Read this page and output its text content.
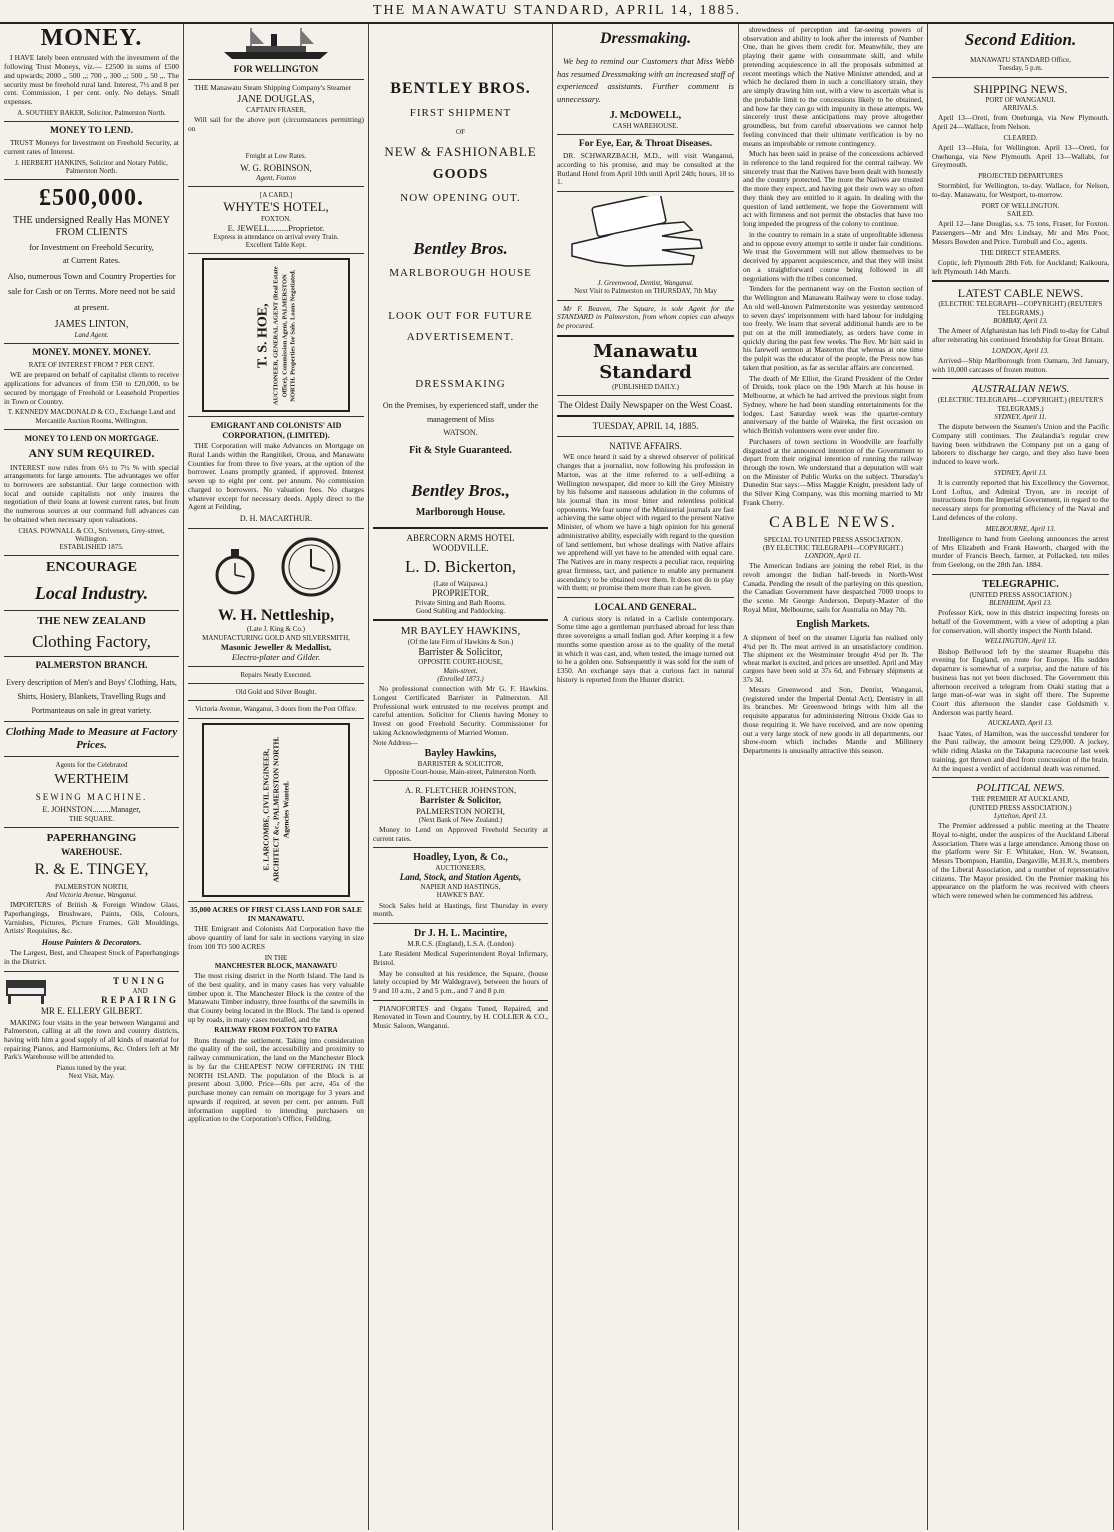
THE MANAWATU STANDARD, APRIL 14, 1885.
MONEY.

I HAVE lately been entrusted with the investment of the following Trust Moneys, viz.— £2500 in sums of £500 and upwards; 2000 ,, 500 ,,; 700 ,, 300 ,,; 500 ,, 50 ,,. The security must be freehold rural land. Interest, 7½ and 8 per cent. Commission, 1 per cent. only. No delays. Small expenses.

A. SOUTHEY BAKER, Solicitor, Palmerston North.
MONEY TO LEND.

TRUST Moneys for Investment on Freehold Security, at current rates of Interest.

J. HERBERT HANKINS, Solicitor and Notary Public, Palmerston North.
£500,000.
THE undersigned Really Has MONEY FROM CLIENTS
for Investment on Freehold Security,
at Current Rates.
Also, numerous Town and Country Properties for sale for Cash or on Terms. More need not be said at present.
JAMES LINTON,
Land Agent.
MONEY. MONEY. MONEY.
RATE OF INTEREST FROM 7 PER CENT.

WE are prepared on behalf of capitalist clients to receive applications for advances of from £50 to £20,000, to be secured by mortgage of Freehold or Leasehold Properties in Town or Country.

T. KENNEDY MACDONALD & CO., Exchange Land and Mercantile Auction Rooms, Wellington.
MONEY TO LEND ON MORTGAGE.
ANY SUM REQUIRED.

INTEREST now rules from 6½ to 7½ % with special arrangements for large amounts. The advantages we offer to borrowers are substantial. Our large connection with local and outside capitalists not only insures the negotiation of their loans at lowest current rates, but from the numerous sources at our command full advances can be obtained when necessary upon valuations.

CHAS. POWNALL & CO., Scriveners, Grey-street, Wellington.
ESTABLISHED 1875.
ENCOURAGE
Local Industry.
THE NEW ZEALAND
Clothing Factory,
PALMERSTON BRANCH.
Every description of Men's and Boys' Clothing, Hats, Shirts, Hosiery, Blankets, Travelling Rugs and Portmanteaus on sale in great variety.
Clothing Made to Measure at Factory Prices.
Agents for the Celebrated
WERTHEIM
SEWING MACHINE.
E. JOHNSTON.........Manager,
THE SQUARE.
PAPERHANGING
WAREHOUSE.
R. & E. TINGEY,
PALMERSTON NORTH,
And Victoria Avenue, Wanganui.

IMPORTERS of British & Foreign Window Glass, Paperhangings, Brushware, Paints, Oils, Colours, Varnishes, Pictures, Picture Frames, Gilt Mouldings, Artists' Requisites, &c.

House Painters & Decorators.

The Largest, Best, and Cheapest Stock of Paperhangings in the District.

TUNING
AND
REPAIRING
MR E. ELLERY GILBERT.

MAKING four visits in the year between Wanganui and Palmerston, calling at all the town and country districts, having with him a good supply of all kinds of material for repairing Pianos, and Harmoniums, &c. Orders left at Mr Park's Warehouse will be attended to.

Pianos tuned by the year.
Next Visit, May.
FOR WELLINGTON

THE Manawatu Steam Shipping Company's Steamer

JANE DOUGLAS,
CAPTAIN FRASER,

Will sail for the above port (circumstances permitting) on

Freight at Low Rates.
W. G. ROBINSON,
Agent, Foxton
[A CARD.]
WHYTE'S HOTEL,
FOXTON.
E. JEWELL.........Proprietor.
Express in attendance on arrival every Train.
Excellent Table Kept.
T. S. HOE, AUCTIONEER, GENERAL AGENT (Real Estate Office), Commission Agent, PALMERSTON NORTH. Properties for Sale. Loans Negotiated.
EMIGRANT AND COLONISTS' AID CORPORATION, (LIMITED).

THE Corporation will make Advances on Mortgage on Rural Lands within the Rangitikei, Oroua, and Manawatu Counties for from three to five years, at the option of the borrower. Loans promptly granted, if approved. Interest seven up to eight per cent. per annum. No commission charged to borrowers. No valuation fees. No charges whatever except for necessary deeds. Apply direct to the Agent at Feilding,

D. H. MACARTHUR.
W. H. Nettleship,
(Late J. King & Co.)
MANUFACTURING GOLD AND SILVERSMITH,
Masonic Jeweller & Medallist,
Electro-plater and Gilder.
Repairs Neatly Executed.
Old Gold and Silver Bought.
Victoria Avenue, Wanganui, 3 doors from the Post Office.
E. LARCOMBE, CIVIL ENGINEER, ARCHITECT &c., PALMERSTON NORTH. Agencies Wanted.
35,000 ACRES OF FIRST CLASS LAND FOR SALE IN MANAWATU.

THE Emigrant and Colonists Aid Corporation have the above quantity of land for sale in sections varying in size from 100 TO 500 ACRES

IN THE
MANCHESTER BLOCK, MANAWATU

The most rising district in the North Island. The land is of the best quality, and in many cases has very valuable timber upon it. The Manchester Block is the centre of the Manawatu Timber industry, three fourths of the sawmills in that County being located in the Block. The land is opened up by roads, in many cases metalled, and the

RAILWAY FROM FOXTON TO FATRA

Runs through the settlement. Taking into consideration the quality of the soil, the accessibility and proximity to railway communication, the land on the Manchester Block is by far the CHEAPEST NOW OFFERING IN THE NORTH ISLAND. The population of the Block is at present about 3,000. Price—60s per acre, 45s of the purchase money can remain on mortgage for 3 years and upwards if required, at seven per cent. per annum. Full information supplied to intending purchasers on application to the Corporation's Office, Feilding.

BENTLEY BROS.
FIRST SHIPMENT
OF
NEW & FASHIONABLE
GOODS
NOW OPENING OUT.
Bentley Bros.
MARLBOROUGH HOUSE
LOOK OUT FOR FUTURE
ADVERTISEMENT.
DRESSMAKING
On the Premises, by experienced staff, under the management of Miss
WATSON.
Fit & Style Guaranteed.
Bentley Bros.,
Marlborough House.
ABERCORN ARMS HOTEL
WOODVILLE.
L. D. Bickerton,
(Late of Waipawa.)
PROPRIETOR.
Private Sitting and Bath Rooms.
Good Stabling and Paddocking.
MR BAYLEY HAWKINS,
(Of the late Firm of Hawkins & Son.)
Barrister & Solicitor,
OPPOSITE COURT-HOUSE,
Main-street,
(Enrolled 1873.)

No professional connection with Mr G. F. Hawkins. Longest Certificated Barrister in Palmerston. All Professional work entrusted to me receives prompt and careful attention. Solicitor for Clients having Money to Invest on good Freehold Security. Commissioner for taking Acknowledgments of Married Women.

Note Address—
Bayley Hawkins,
BARRISTER & SOLICITOR,
Opposite Court-house, Main-street, Palmerston North.
A. R. FLETCHER JOHNSTON,
Barrister & Solicitor,
PALMERSTON NORTH,
(Next Bank of New Zealand.)

Money to Lend on Approved Freehold Security at current rates.

Hoadley, Lyon, & Co.,
AUCTIONEERS,
Land, Stock, and Station Agents,
NAPIER AND HASTINGS,
HAWKE'S BAY.

Stock Sales held at Hastings, first Thursday in every month.

Dr J. H. L. Macintire,
M.R.C.S. (England), L.S.A. (London)

Late Resident Medical Superintendent Royal Infirmary, Bristol.

May be consulted at his residence, the Square, (house lately occupied by Mr Waldegrave), between the hours of 9 and 10 a.m., 2 and 5 p.m., and 7 and 8 p.m

PIANOFORTES and Organs Tuned, Repaired, and Renovated in Town and Country, by H. COLLIER & CO., Music Saloon, Wanganui.

Dressmaking.

We beg to remind our Customers that Miss Webb has resumed Dressmaking with an increased staff of experienced assistants. Further comment is unnecessary.

J. McDOWELL,
CASH WAREHOUSE.
For Eye, Ear, & Throat Diseases.

DR. SCHWARZBACH, M.D., will visit Wanganui, according to his promise, and may be consulted at the Rutland Hotel from April 10th until April 24th; hours, 10 to 1.

J. Greenwood, Dentist, Wanganui.
Next Visit to Palmerston on THURSDAY, 7th May

Mr F. Beaven, The Square, is sole Agent for the STANDARD in Palmerston, from whom copies can always be procured.

Manawatu Standard
(PUBLISHED DAILY.)
The Oldest Daily Newspaper on the West Coast.
TUESDAY, APRIL 14, 1885.
NATIVE AFFAIRS.

WE once heard it said by a shrewd observer of political changes that a journalist, now following his profession in Marton, was at the time referred to a self-editing a Wellington newspaper, did more to kill the Grey Ministry by his fulsome and nauseous adulation in the columns of his journal than its most bitter and relentless political opponents. We fear some of the Ministerial journals are fast achieving the same object with regard to the present Native Minister, of whom we have a high opinion for his general administrative ability, especially with regard to the question of land settlement, but whose dealings with Native affairs we apprehend will yet have to be attended with equal care. The Natives are in many respects a peculiar race, requiring great firmness, tact, and patience to enable any permanent ascendancy to be obtained over them. It does not do to play with them; or promise them more than can be given.

LOCAL AND GENERAL.

A curious story is related in a Carlisle contemporary. Some time ago a gentleman purchased abroad for less than three sovereigns a small Indian god. After keeping it a few months some question arose as to the quality of the metal in which it was cast, and, when tested, the image turned out to be a golden one. Subsequently it was sold for the sum of £350. An exchange says that a curious fact in natural history is reported from the Hunter district.

shrewdness of perception and far-seeing powers of observation and ability to look after the interests of Number One, than he gives them credit for. Meanwhile, they are playing their game with consummate skill, and while pretending acquiescence in all the proposals submitted at recent meetings which the Native Minister attended, and at which he declared them in such a conciliatory strain, they are simply drawing him out, with a view to ascertain what is the probable limit to the concessions likely to be obtained, and how far they can go with impunity in these attempts. We sincerely trust these anticipations may prove altogether groundless, but from careful observations we cannot help feeling convinced that their ultimate verification is by no means an improbable or remote contingency.

Much has been said in praise of the concessions achieved in reference to the land required for the central railway. We sincerely trust that the Natives have been dealt with honestly and the country protected. The more the Natives are trusted the more they expect, and having got their own way so often they think they are entitled to it again. In dealing with the question of land settlement, we hope the Government will act with firmness and not permit the obstacles that have too long impeded the progress of the colony to continue.

in the country to remain in a state of unprofitable idleness and to oppose every attempt to settle it under fair conditions. We trust the Government will not allow themselves to be deceived by apparent acquiescence, and that they will insist on a straightforward course being followed in all negotiations with the tribes concerned.

Tenders for the permanent way on the Foxton section of the Wellington and Manawatu Railway were to close today. An old well-known Palmerstonite was yesterday sentenced to seven days' imprisonment with hard labour for indulging too freely. We learn that several additional hands are to be put on at the mill immediately, as orders have come in quickly during the past few weeks. The Rev. Mr Isitt said in his farewell sermon at Masterton that whereas at one time the pulpit was the educator of the people, the Press now has taken that position, as far as secular affairs are concerned.

The death of Mr Elliot, the Grand President of the Order of Druids, took place on the 19th March at his house in Melbourne, at which he had arrived the previous night from Sydney, where he had been standing entertainments for the lodges. Last Saturday week was the quarter-century anniversary of the battle of Waireka, the first occasion on which British volunteers were ever under fire.

Purchasers of town sections in Woodville are fearfully disgusted at the announced intention of the Government to depart from their original intention of running the railway through the town. We understand that a deputation will wait on the Minister of Public Works on the subject. Thursday's Dunedin Star says:—Miss Maggie Knight, president lady of the Silver King Company, was this morning married to Mr Frank Cherry.

CABLE NEWS.
SPECIAL TO UNITED PRESS ASSOCIATION.
(BY ELECTRIC TELEGRAPH—COPYRIGHT.)
LONDON, April 11.

The American Indians are joining the rebel Riel, in the revolt amongst the Indian half-breeds in North-West Canada. Pending the result of the parleying on this question, the Canadian Government have despatched 7000 troops to the scene. Mr George Anderson, Deputy-Master of the Royal Mint, Melbourne, sails for Australia on May 7th.

English Markets.
A shipment of beef on the steamer Liguria has realised only 4¾d per lb. The meat arrived in an unsatisfactory condition. The shipment ex the Westminster brought 4½d per lb. The wheat market is excited, and prices are unsettled. April and May cargoes have been sold at 37s 6d, and February shipments at 37s 3d.

Messrs Greenwood and Son, Dentist, Wanganui, (registered under the Imperial Dental Act), Dentistry in all its branches. Mr Greenwood brings with him all the requisite apparatus for administering Nitrous Oxide Gas to those requiring it. We have received, and are now opening out a very large stock of new goods in all departments, our show-room which includes Mantle and Millinery Departments is unusually attractive this season.

Second Edition.
MANAWATU STANDARD Office,
Tuesday, 5 p.m.
SHIPPING NEWS.
PORT OF WANGANUI.
ARRIVALS.

April 13—Oreti, from Onehunga, via New Plymouth. April 24—Wallace, from Nelson.

CLEARED.

April 13—Huia, for Wellington. April 13—Oreti, for Onehunga, via New Plymouth. April 13—Wallabi, for Greymouth.

PROJECTED DEPARTURES

Stormbird, for Wellington, to-day. Wallace, for Nelson, to-day. Manawatu, for Westport, to-morrow.

PORT OF WELLINGTON.
SAILED.

April 12—Jane Douglas, s.s. 75 tons, Fraser, for Foxton. Passengers—Mr and Mrs Lindsay, Mr and Mrs Poor, Messrs Bowden and Price. Turnbull and Co., agents.

THE DIRECT STEAMERS.

Coptic, left Plymouth 28th Feb. for Auckland; Kaikoura, left Plymouth 14th March.

LATEST CABLE NEWS.
(ELECTRIC TELEGRAPH—COPYRIGHT) (REUTER'S TELEGRAMS.)
BOMBAY, April 13.

The Ameer of Afghanistan has left Pindi to-day for Cabul after reiterating his continued friendship for Great Britain.

LONDON, April 13.

Arrived—Ship Marlborough from Oamaru, 3rd January, with 10,000 carcases of frozen mutton.

AUSTRALIAN NEWS.
(ELECTRIC TELEGRAPH—COPYRIGHT.) (REUTER'S TELEGRAMS.)
SYDNEY, April 11.

The dispute between the Seamen's Union and the Pacific Company still continues. The Zealandia's regular crew having been withdrawn the Company put on a gang of laborers to discharge her cargo, and they also have been induced to leave work.

SYDNEY, April 13.

It is currently reported that his Excellency the Governor, Lord Loftus, and Admiral Tryon, are in receipt of instructions from the Imperial Government, in regard to the necessary steps for promoting efficiency of the Naval and Land defences of the colony.

MELBOURNE, April 13.

Intelligence to hand from Geelong announces the arrest of Mrs Elizabeth and Frank Haworth, charged with the murder of Francis Beech, farmer, at Pollacked, ten miles from Geelong, on the 28th Jan. 1884.

TELEGRAPHIC.
(UNITED PRESS ASSOCIATION.)
BLENHEIM, April 13.

Professor Kirk, now in this district inspecting forests on behalf of the Government, with a view of adopting a plan for conservation, will shortly inspect the North Island.

WELLINGTON, April 13.

Bishop Bellwood left by the steamer Ruapehu this evening for England, en route for Europe. His sudden departure is somewhat of a surprise, and the nature of his business has not yet been disclosed. The Government this afternoon received a telegram from Otaki stating that a large man-of-war was in sight off there. The Supreme Court this afternoon the slander case Goldsmith v. Anderson was partly heard.

AUCKLAND, April 13.

Isaac Yates, of Hamilton, was the successful tenderer for the Puni railway, the amount being £29,000. A jockey, while riding Alaska on the Takapuna racecourse last week training, got thrown and died from concussion of the brain. At the inquest a verdict of accidental death was returned.

POLITICAL NEWS.
THE PREMIER AT AUCKLAND,
(UNITED PRESS ASSOCIATION.)
Lyttelton, April 13.

The Premier addressed a public meeting at the Theatre Royal to-night, under the auspices of the Auckland Liberal Association. There was a large attendance. Among those on the platform were Sir F. Whitaker, Hon. W. Swanson, Messrs Thompson, Hamlin, Dargaville, M.H.R.'s, members of the Liberal Association, and a number of representative citizens. The Mayor presided. On the Premier making his appearance on the platform he was received with cheers which were renewed when he commenced his address.
